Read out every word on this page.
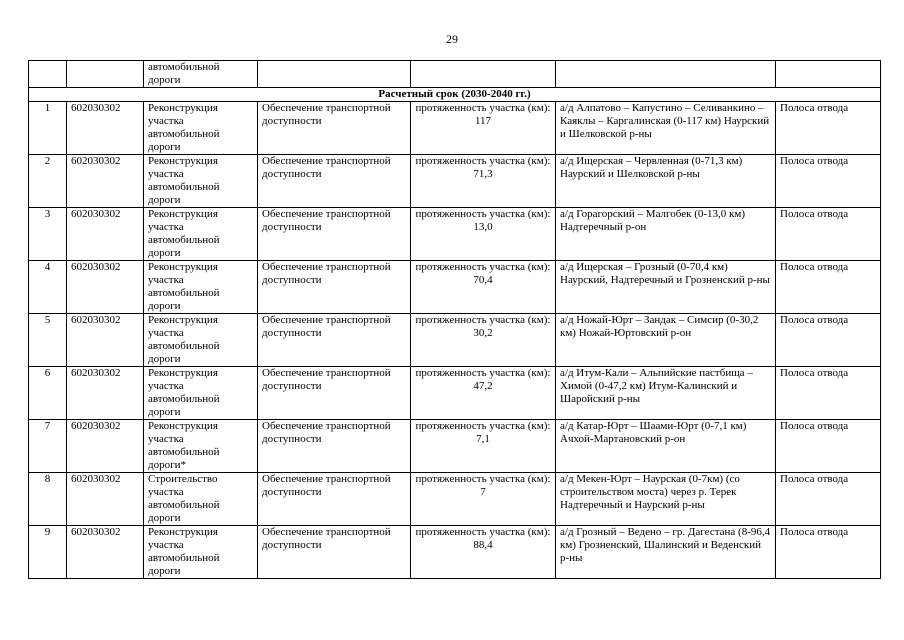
29
		автомобильной дороги				
Расчетный срок (2030-2040 гг.)						
1	602030302	Реконструкция участка автомобильной дороги	Обеспечение транспортной доступности	протяженность участка (км): 117	а/д Алпатово – Капустино – Селиванкино – Каяклы – Каргалинская (0-117 км) Наурский и Шелковской р-ны	Полоса отвода
2	602030302	Реконструкция участка автомобильной дороги	Обеспечение транспортной доступности	протяженность участка (км): 71,3	а/д Ищерская – Червленная (0-71,3 км) Наурский и Шелковской р-ны	Полоса отвода
3	602030302	Реконструкция участка автомобильной дороги	Обеспечение транспортной доступности	протяженность участка (км): 13,0	а/д Горагорский – Малгобек (0-13,0 км) Надтеречный р-он	Полоса отвода
4	602030302	Реконструкция участка автомобильной дороги	Обеспечение транспортной доступности	протяженность участка (км): 70,4	а/д Ищерская – Грозный (0-70,4 км) Наурский, Надтеречный и Грозненский р-ны	Полоса отвода
5	602030302	Реконструкция участка автомобильной дороги	Обеспечение транспортной доступности	протяженность участка (км): 30,2	а/д Ножай-Юрт – Зандак – Симсир (0-30,2 км) Ножай-Юртовский р-он	Полоса отвода
6	602030302	Реконструкция участка автомобильной дороги	Обеспечение транспортной доступности	протяженность участка (км): 47,2	а/д Итум-Кали – Альпийские пастбища – Химой (0-47,2 км) Итум-Калинский и Шаройский р-ны	Полоса отвода
7	602030302	Реконструкция участка автомобильной дороги*	Обеспечение транспортной доступности	протяженность участка (км): 7,1	а/д Катар-Юрт – Шаами-Юрт (0-7,1 км) Ачхой-Мартановский р-он	Полоса отвода
8	602030302	Строительство участка автомобильной дороги	Обеспечение транспортной доступности	протяженность участка (км): 7	а/д Мекен-Юрт – Наурская (0-7км) (со строительством моста) через р. Терек Надтеречный и Наурский р-ны	Полоса отвода
9	602030302	Реконструкция участка автомобильной дороги	Обеспечение транспортной доступности	протяженность участка (км): 88,4	а/д Грозный – Ведено – гр. Дагестана (8-96,4 км) Грозненский, Шалинский и Веденский р-ны	Полоса отвода
